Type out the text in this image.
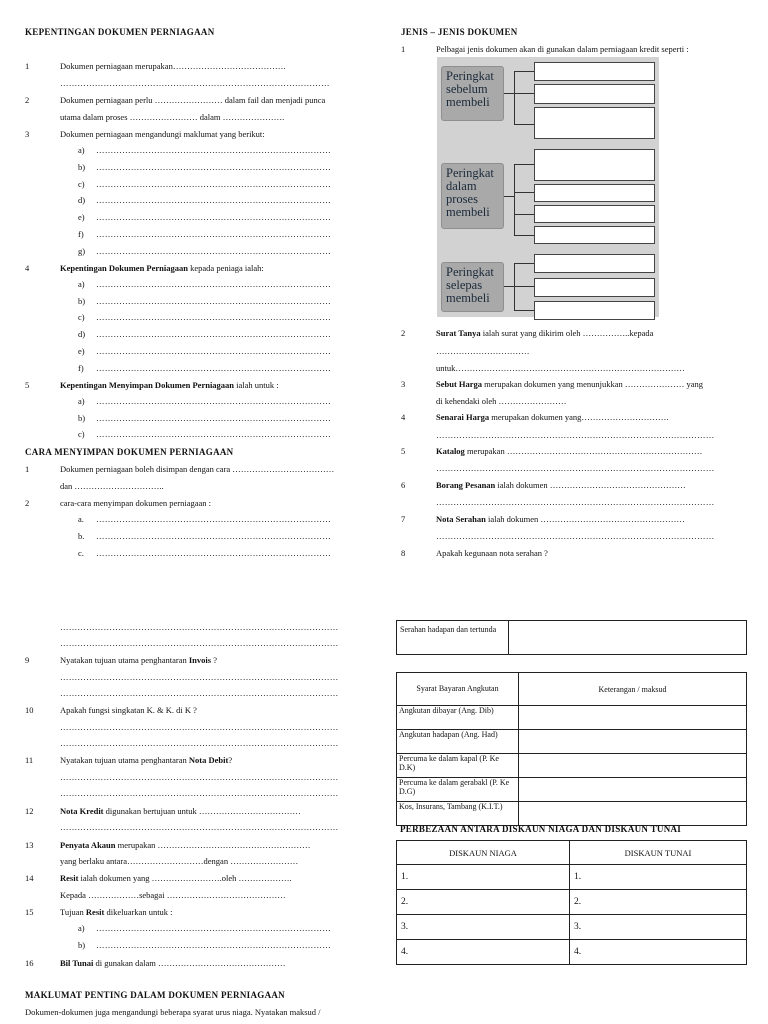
KEPENTINGAN DOKUMEN PERNIAGAAN
1	Dokumen perniagaan merupakan………………………………….
…………………………………………………………………………………
2	Dokumen perniagaan perlu …………………… dalam fail dan menjadi punca
utama dalam proses …………………… dalam ………………….
3	Dokumen perniagaan mengandungi maklumat yang berikut:
a) ………………………………………………………………………
b) ………………………………………………………………………
c) ………………………………………………………………………
d) ………………………………………………………………………
e) ………………………………………………………………………
f) ………………………………………………………………………
g) ………………………………………………………………………
4	Kepentingan Dokumen Perniagaan kepada peniaga ialah:
a) ………………………………………………………………………
b) ………………………………………………………………………
c) ………………………………………………………………………
d) ………………………………………………………………………
e) ………………………………………………………………………
f) ………………………………………………………………………
5	Kepentingan Menyimpan Dokumen Perniagaan ialah untuk :
a) ………………………………………………………………………
b) ………………………………………………………………………
c) ………………………………………………………………………
CARA MENYIMPAN DOKUMEN PERNIAGAAN
1	Dokumen perniagaan boleh disimpan dengan cara ………………………………
dan …………………………..
2	cara-cara menyimpan dokumen perniagaan :
a. ………………………………………………………………………
b. ………………………………………………………………………
c. ………………………………………………………………………
……………………………………………………………………………………
……………………………………………………………………………………
9	Nyatakan tujuan utama penghantaran Invois ?
……………………………………………………………………………………
……………………………………………………………………………………
10	Apakah fungsi singkatan K. & K. di K ?
……………………………………………………………………………………
……………………………………………………………………………………
11	Nyatakan tujuan utama penghantaran Nota Debit?
……………………………………………………………………………………
……………………………………………………………………………………
12	Nota Kredit digunakan bertujuan untuk ………………………………
……………………………………………………………………………………
13	Penyata Akaun merupakan ………………………………………………
yang berlaku antara………………………dengan ……………………
14	Resit ialah dokumen yang …………………….oleh ……………….
Kepada ………………sebagai ……………………………………
15	Tujuan Resit dikeluarkan untuk :
a) ………………………………………………………………………
b) ………………………………………………………………………
16	Bil Tunai di gunakan dalam ………………………………………
MAKLUMAT PENTING DALAM DOKUMEN PERNIAGAAN
Dokumen-dokumen juga mengandungi beberapa syarat urus niaga. Nyatakan maksud /
JENIS – JENIS DOKUMEN
1	Pelbagai jenis dokumen akan di gunakan dalam perniagaan kredit seperti :
Peringkat sebelum membeli
Peringkat dalam proses membeli
Peringkat selepas membeli
2	Surat Tanya ialah surat yang dikirim oleh ……………..kepada
……………………………
untuk………………………………………………………………………
3	Sebut Harga merupakan dokumen yang menunjukkan ………………… yang
di kehendaki oleh ……………………
4	Senarai Harga merupakan dokumen yang………………………….
……………………………………………………………………………………
5	Katalog merupakan ……………………………………………………………
……………………………………………………………………………………
6	Borang Pesanan ialah dokumen …………………………………………
……………………………………………………………………………………
7	Nota Serahan ialah dokumen ……………………………………………
……………………………………………………………………………………
8	Apakah kegunaan nota serahan ?
Serahan hadapan dan tertunda	
Syarat Bayaran Angkutan	Keterangan / maksud
Angkutan dibayar (Ang. Dib)	
Angkutan hadapan (Ang. Had)	
Percuma ke dalam kapal (P. Ke D.K)	
Percuma ke dalam gerabakl (P. Ke D.G)	
Kos, Insurans, Tambang (K.I.T.)	
PERBEZAAN ANTARA DISKAUN NIAGA DAN DISKAUN TUNAI
DISKAUN NIAGA	DISKAUN TUNAI
1.	1.
2.	2.
3.	3.
4.	4.
